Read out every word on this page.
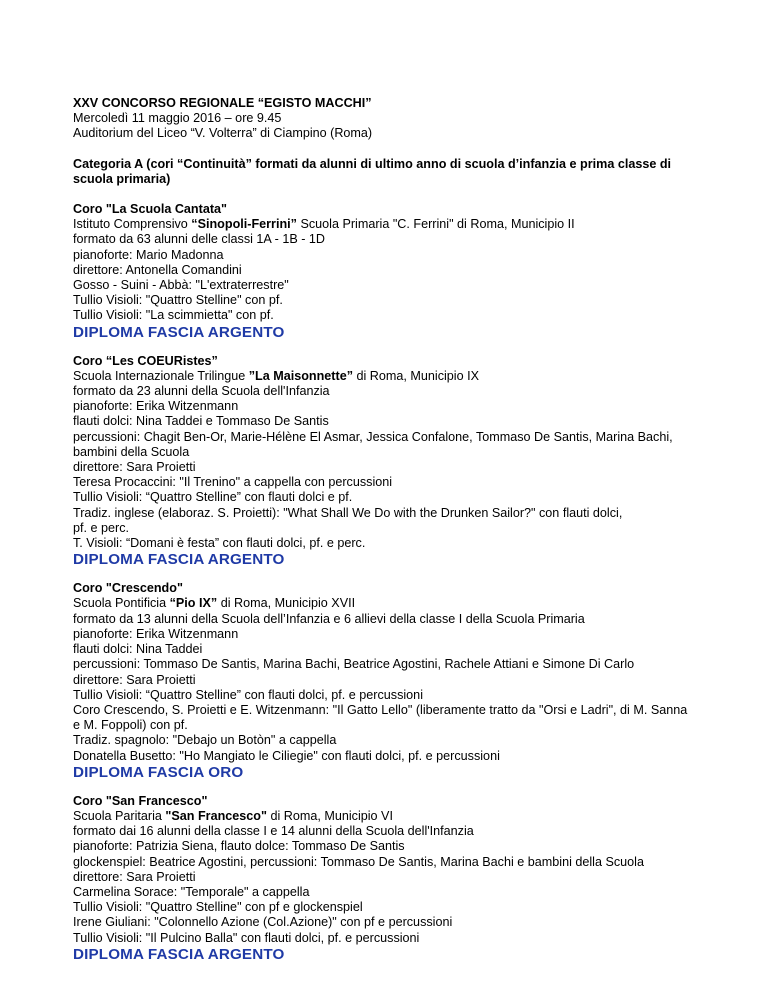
XXV CONCORSO REGIONALE “EGISTO MACCHI”
Mercoledì 11 maggio 2016 – ore 9.45
Auditorium del Liceo “V. Volterra” di Ciampino (Roma)
Categoria A (cori “Continuità” formati da alunni di ultimo anno di scuola d’infanzia e prima classe di scuola primaria)
Coro "La Scuola Cantata"
Istituto Comprensivo “Sinopoli-Ferrini” Scuola Primaria "C. Ferrini" di Roma, Municipio II
formato da 63 alunni delle classi 1A - 1B - 1D
pianoforte: Mario Madonna
direttore: Antonella Comandini
Gosso - Suini - Abbà: "L'extraterrestre"
Tullio Visioli: "Quattro Stelline" con pf.
Tullio Visioli: "La scimmietta" con pf.
DIPLOMA FASCIA ARGENTO
Coro “Les COEURistes”
Scuola Internazionale Trilingue ”La Maisonnette” di Roma, Municipio IX
formato da 23 alunni della Scuola dell'Infanzia
pianoforte: Erika Witzenmann
flauti dolci: Nina Taddei e Tommaso De Santis
percussioni: Chagit Ben-Or, Marie-Hélène El Asmar, Jessica Confalone, Tommaso De Santis, Marina Bachi, bambini della Scuola
direttore: Sara Proietti
Teresa Procaccini: "Il Trenino" a cappella con percussioni
Tullio Visioli: “Quattro Stelline” con flauti dolci e pf.
Tradiz. inglese (elaboraz. S. Proietti): "What Shall We Do with the Drunken Sailor?" con flauti dolci, pf. e perc.
T. Visioli: “Domani è festa” con flauti dolci, pf. e perc.
DIPLOMA FASCIA ARGENTO
Coro "Crescendo"
Scuola Pontificia “Pio IX” di Roma, Municipio XVII
formato da 13 alunni della Scuola dell’Infanzia e 6 allievi della classe I della Scuola Primaria
pianoforte: Erika Witzenmann
flauti dolci: Nina Taddei
percussioni: Tommaso De Santis, Marina Bachi, Beatrice Agostini, Rachele Attiani e Simone Di Carlo
direttore: Sara Proietti
Tullio Visioli: “Quattro Stelline” con flauti dolci, pf. e percussioni
Coro Crescendo, S. Proietti e E. Witzenmann: "Il Gatto Lello" (liberamente tratto da "Orsi e Ladri", di M. Sanna e M. Foppoli) con pf.
Tradiz. spagnolo: "Debajo un Botòn" a cappella
Donatella Busetto: "Ho Mangiato le Ciliegie" con flauti dolci, pf. e percussioni
DIPLOMA FASCIA ORO
Coro "San Francesco"
Scuola Paritaria "San Francesco" di Roma, Municipio VI
formato dai 16 alunni della classe I e 14 alunni della Scuola dell'Infanzia
pianoforte: Patrizia Siena, flauto dolce: Tommaso De Santis
glockenspiel: Beatrice Agostini, percussioni: Tommaso De Santis, Marina Bachi e bambini della Scuola
direttore: Sara Proietti
Carmelina Sorace: "Temporale" a cappella
Tullio Visioli: "Quattro Stelline" con pf e glockenspiel
Irene Giuliani: "Colonnello Azione (Col.Azione)" con pf e percussioni
Tullio Visioli: "Il Pulcino Balla" con flauti dolci, pf. e percussioni
DIPLOMA FASCIA ARGENTO
